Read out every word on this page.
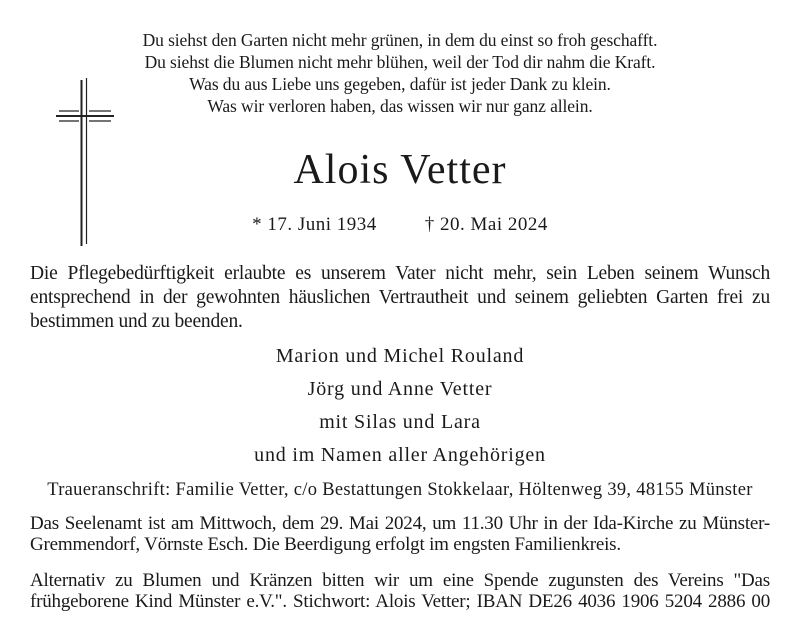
Du siehst den Garten nicht mehr grünen, in dem du einst so froh geschafft.
Du siehst die Blumen nicht mehr blühen, weil der Tod dir nahm die Kraft.
Was du aus Liebe uns gegeben, dafür ist jeder Dank zu klein.
Was wir verloren haben, das wissen wir nur ganz allein.
Alois Vetter
* 17. Juni 1934	† 20. Mai 2024
Die Pflegebedürftigkeit erlaubte es unserem Vater nicht mehr, sein Leben seinem Wunsch
entsprechend in der gewohnten häuslichen Vertrautheit und seinem geliebten Garten frei zu
bestimmen und zu beenden.
Marion und Michel Rouland
Jörg und Anne Vetter
mit Silas und Lara
und im Namen aller Angehörigen
Traueranschrift: Familie Vetter, c/o Bestattungen Stokkelaar, Höltenweg 39, 48155 Münster
Das Seelenamt ist am Mittwoch, dem 29. Mai 2024, um 11.30 Uhr in der Ida-Kirche zu Münster-
Gremmendorf, Vörnste Esch. Die Beerdigung erfolgt im engsten Familienkreis.
Alternativ zu Blumen und Kränzen bitten wir um eine Spende zugunsten des Vereins "Das
frühgeborene Kind Münster e.V.". Stichwort: Alois Vetter; IBAN DE26 4036 1906 5204 2886 00
